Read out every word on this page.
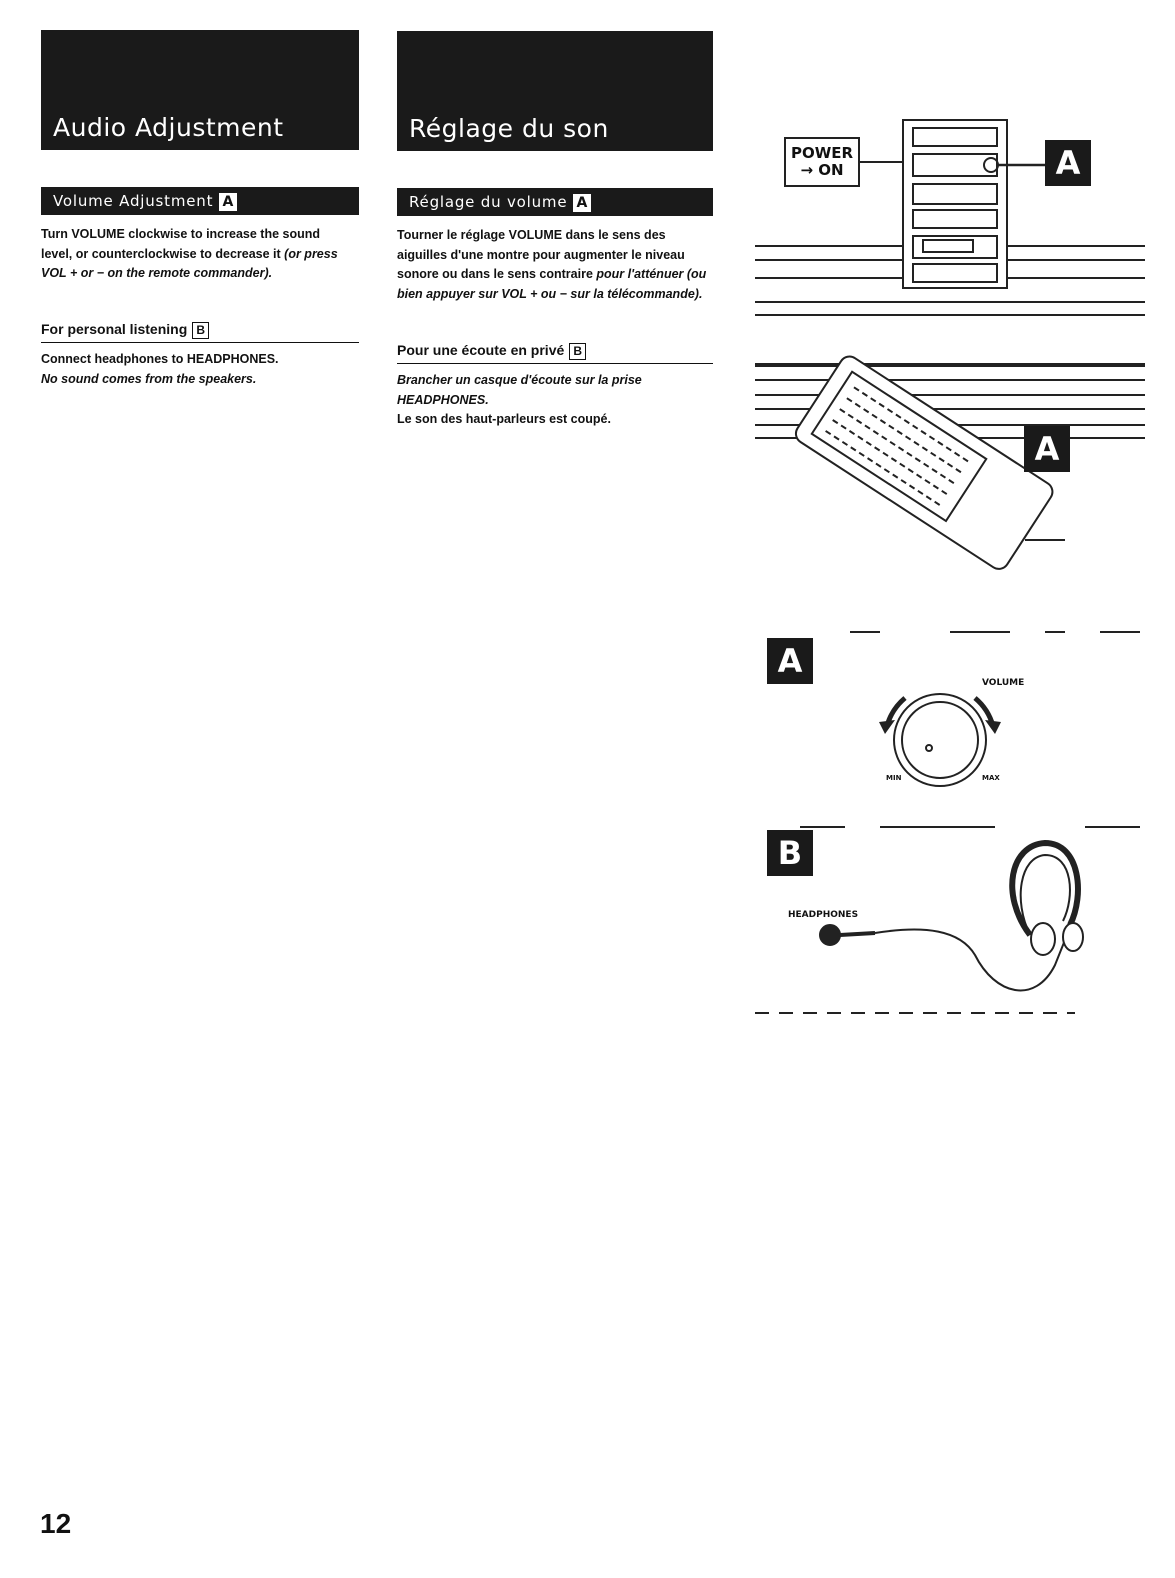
Audio Adjustment
Volume Adjustment A
Turn VOLUME clockwise to increase the sound level, or counterclockwise to decrease it (or press VOL + or − on the remote commander).
For personal listening B
Connect headphones to HEADPHONES.
No sound comes from the speakers.
Réglage du son
Réglage du volume A
Tourner le réglage VOLUME dans le sens des aiguilles d'une montre pour augmenter le niveau sonore ou dans le sens contraire pour l'atténuer (ou bien appuyer sur VOL + ou − sur la télécommande).
Pour une écoute en privé B
Brancher un casque d'écoute sur la prise HEADPHONES.
Le son des haut-parleurs est coupé.
POWER
→ ON	A
A
A
VOLUME
MIN	MAX
B
HEADPHONES
12
